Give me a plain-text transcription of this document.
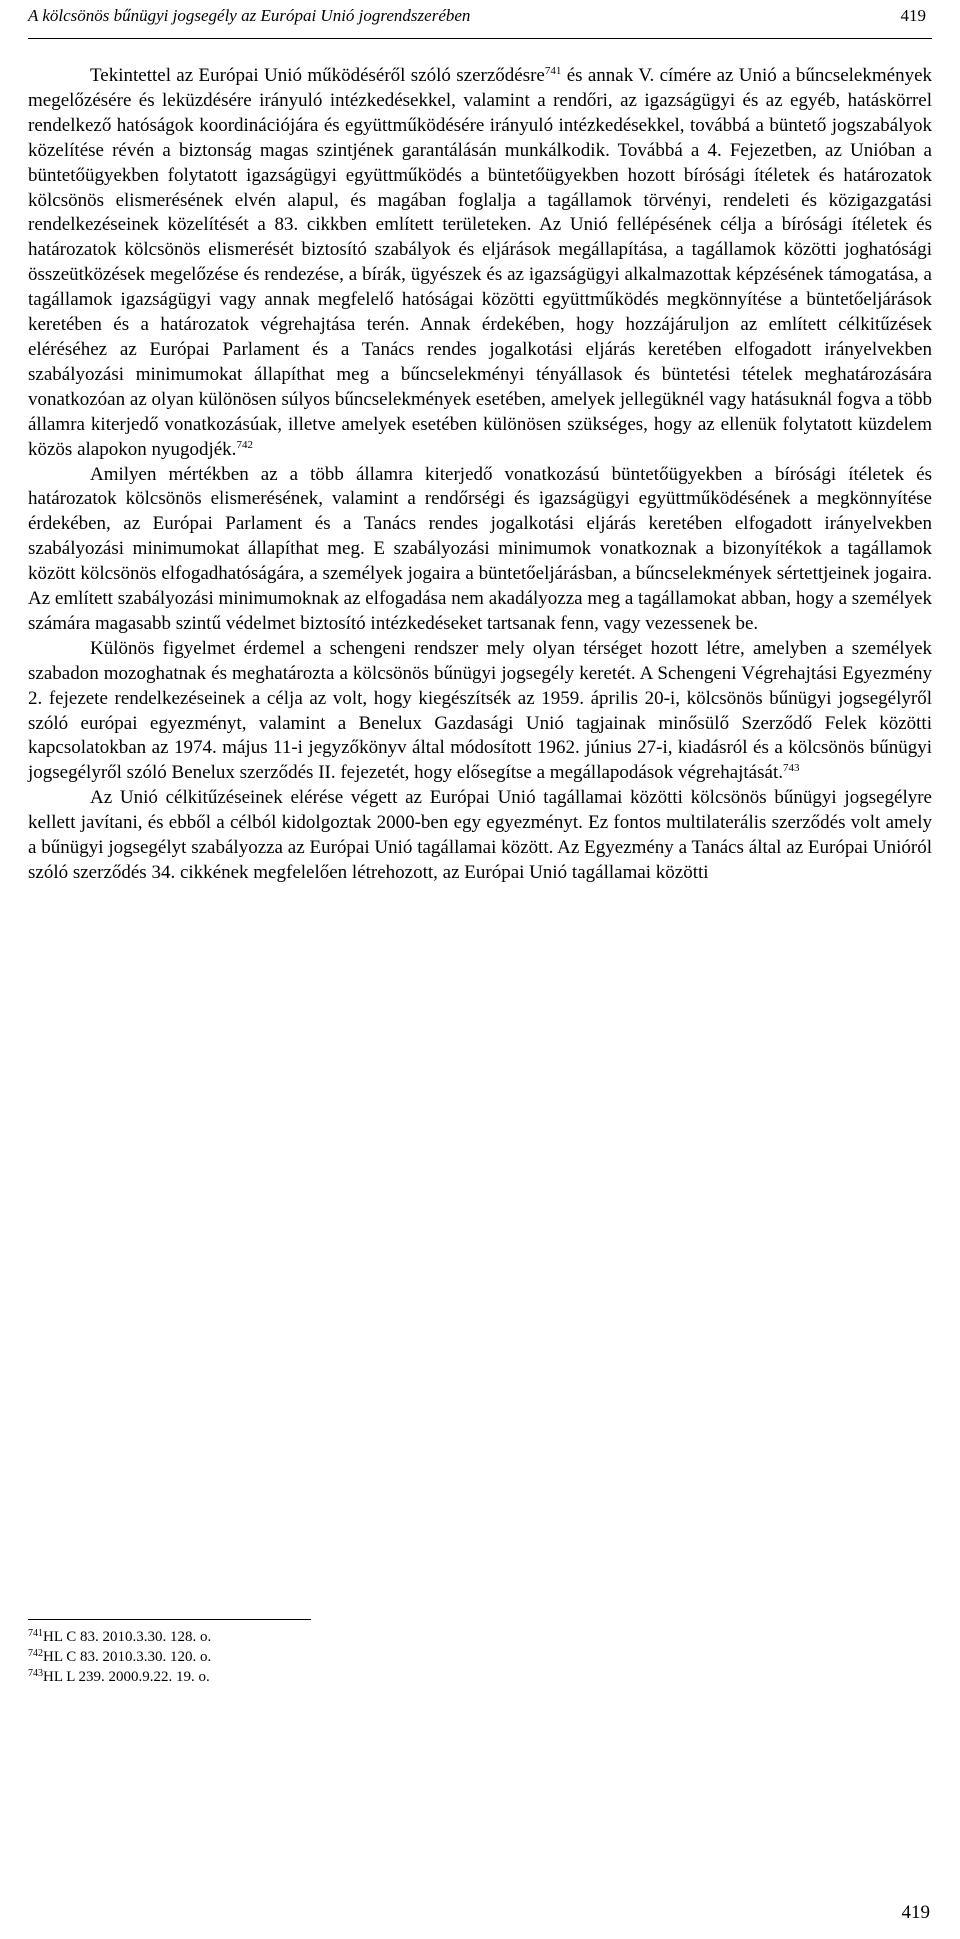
A kölcsönös bűnügyi jogsegély az Európai Unió jogrendszerében	419

Tekintettel az Európai Unió működéséről szóló szerződésre$^{741}$ és annak V. címére az Unió a bűncselekmények megelőzésére és leküzdésére irányuló intézkedésekkel, valamint a rendőri, az igazságügyi és az egyéb, hatáskörrel rendelkező hatóságok koordinációjára és együttműködésére irányuló intézkedésekkel, továbbá a büntető jogszabályok közelítése révén a biztonság magas szintjének garantálásán munkálkodik. Továbbá a 4. Fejezetben, az Unióban a büntetőügyekben folytatott igazságügyi együttműködés a büntetőügyekben hozott bírósági ítéletek és határozatok kölcsönös elismerésének elvén alapul, és magában foglalja a tagállamok törvényi, rendeleti és közigazgatási rendelkezéseinek közelítését a 83. cikkben említett területeken. Az Unió fellépésének célja a bírósági ítéletek és határozatok kölcsönös elismerését biztosító szabályok és eljárások megállapítása, a tagállamok közötti joghatósági összeütközések megelőzése és rendezése, a bírák, ügyészek és az igazságügyi alkalmazottak képzésének támogatása, a tagállamok igazságügyi vagy annak megfelelő hatóságai közötti együttműködés megkönnyítése a büntetőeljárások keretében és a határozatok végrehajtása terén. Annak érdekében, hogy hozzájáruljon az említett célkitűzések eléréséhez az Európai Parlament és a Tanács rendes jogalkotási eljárás keretében elfogadott irányelvekben szabályozási minimumokat állapíthat meg a bűncselekményi tényállasok és büntetési tételek meghatározására vonatkozóan az olyan különösen súlyos bűncselekmények esetében, amelyek jellegüknél vagy hatásuknál fogva a több államra kiterjedő vonatkozásúak, illetve amelyek esetében különösen szükséges, hogy az ellenük folytatott küzdelem közös alapokon nyugodjék.$^{742}$

Amilyen mértékben az a több államra kiterjedő vonatkozású büntetőügyekben a bírósági ítéletek és határozatok kölcsönös elismerésének, valamint a rendőrségi és igazságügyi együttműködésének a megkönnyítése érdekében, az Európai Parlament és a Tanács rendes jogalkotási eljárás keretében elfogadott irányelvekben szabályozási minimumokat állapíthat meg. E szabályozási minimumok vonatkoznak a bizonyítékok a tagállamok között kölcsönös elfogadhatóságára, a személyek jogaira a büntetőeljárásban, a bűncselekmények sértettjeinek jogaira. Az említett szabályozási minimumoknak az elfogadása nem akadályozza meg a tagállamokat abban, hogy a személyek számára magasabb szintű védelmet biztosító intézkedéseket tartsanak fenn, vagy vezessenek be.

Különös figyelmet érdemel a schengeni rendszer mely olyan térséget hozott létre, amelyben a személyek szabadon mozoghatnak és meghatározta a kölcsönös bűnügyi jogsegély keretét. A Schengeni Végrehajtási Egyezmény 2. fejezete rendelkezéseinek a célja az volt, hogy kiegészítsék az 1959. április 20-i, kölcsönös bűnügyi jogsegélyről szóló európai egyezményt, valamint a Benelux Gazdasági Unió tagjainak minősülő Szerződő Felek közötti kapcsolatokban az 1974. május 11-i jegyzőkönyv által módosított 1962. június 27-i, kiadásról és a kölcsönös bűnügyi jogsegélyről szóló Benelux szerződés II. fejezetét, hogy elősegítse a megállapodások végrehajtását.$^{743}$

Az Unió célkitűzéseinek elérése végett az Európai Unió tagállamai közötti kölcsönös bűnügyi jogsegélyre kellett javítani, és ebből a célból kidolgoztak 2000-ben egy egyezményt. Ez fontos multilaterális szerződés volt amely a bűnügyi jogsegélyt szabályozza az Európai Unió tagállamai között. Az Egyezmény a Tanács által az Európai Unióról szóló szerződés 34. cikkének megfelelően létrehozott, az Európai Unió tagállamai közötti

$^{741}$HL C 83. 2010.3.30. 128. o.
$^{742}$HL C 83. 2010.3.30. 120. o.
$^{743}$HL L 239. 2000.9.22. 19. o.
419
